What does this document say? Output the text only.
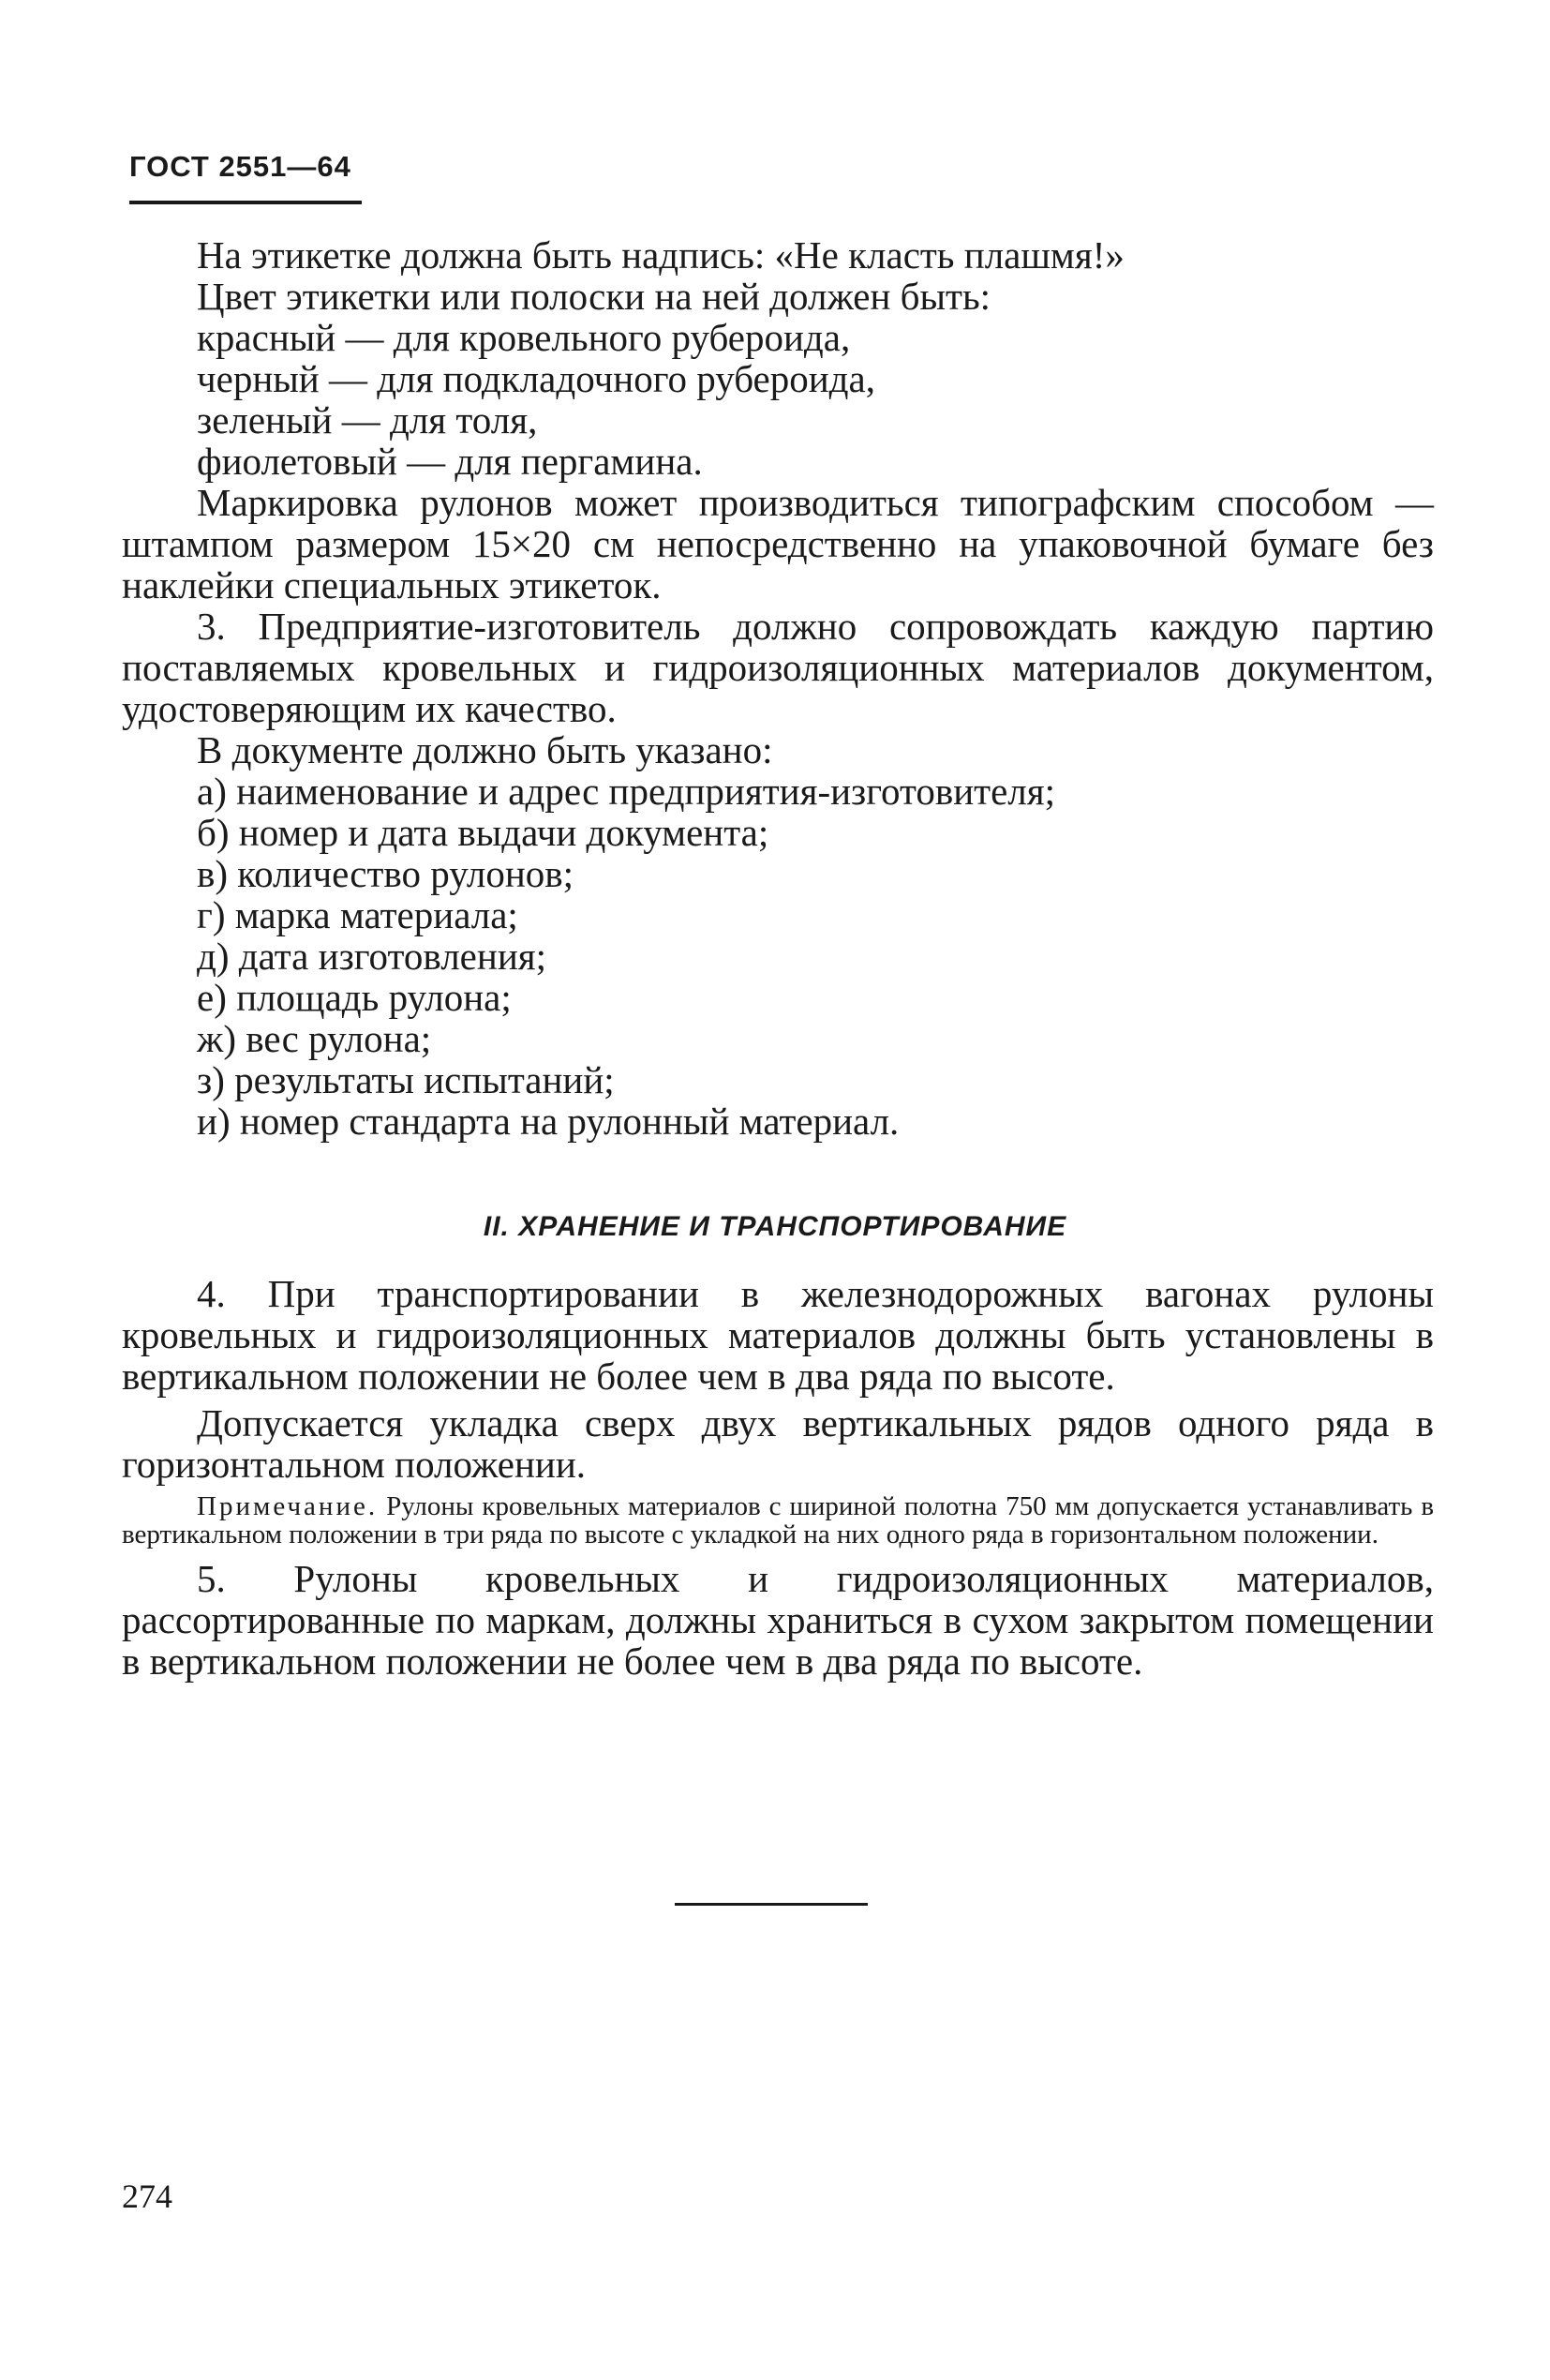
ГОСТ 2551—64

На этикетке должна быть надпись: «Не класть плашмя!»

Цвет этикетки или полоски на ней должен быть:

красный — для кровельного рубероида,
черный — для подкладочного рубероида,
зеленый — для толя,
фиолетовый — для пергамина.

Маркировка рулонов может производиться типографским способом — штампом размером 15×20 см непосредственно на упаковочной бумаге без наклейки специальных этикеток.

3. Предприятие-изготовитель должно сопровождать каждую партию поставляемых кровельных и гидроизоляционных материалов документом, удостоверяющим их качество.

В документе должно быть указано:

а) наименование и адрес предприятия-изготовителя;
б) номер и дата выдачи документа;
в) количество рулонов;
г) марка материала;
д) дата изготовления;
е) площадь рулона;
ж) вес рулона;
з) результаты испытаний;
и) номер стандарта на рулонный материал.
II. ХРАНЕНИЕ И ТРАНСПОРТИРОВАНИЕ

4. При транспортировании в железнодорожных вагонах рулоны кровельных и гидроизоляционных материалов должны быть установлены в вертикальном положении не более чем в два ряда по высоте.

Допускается укладка сверх двух вертикальных рядов одного ряда в горизонтальном положении.

Примечание. Рулоны кровельных материалов с шириной полотна 750 мм допускается устанавливать в вертикальном положении в три ряда по высоте с укладкой на них одного ряда в горизонтальном положении.

5. Рулоны кровельных и гидроизоляционных материалов, рассортированные по маркам, должны храниться в сухом закрытом помещении в вертикальном положении не более чем в два ряда по высоте.

274
